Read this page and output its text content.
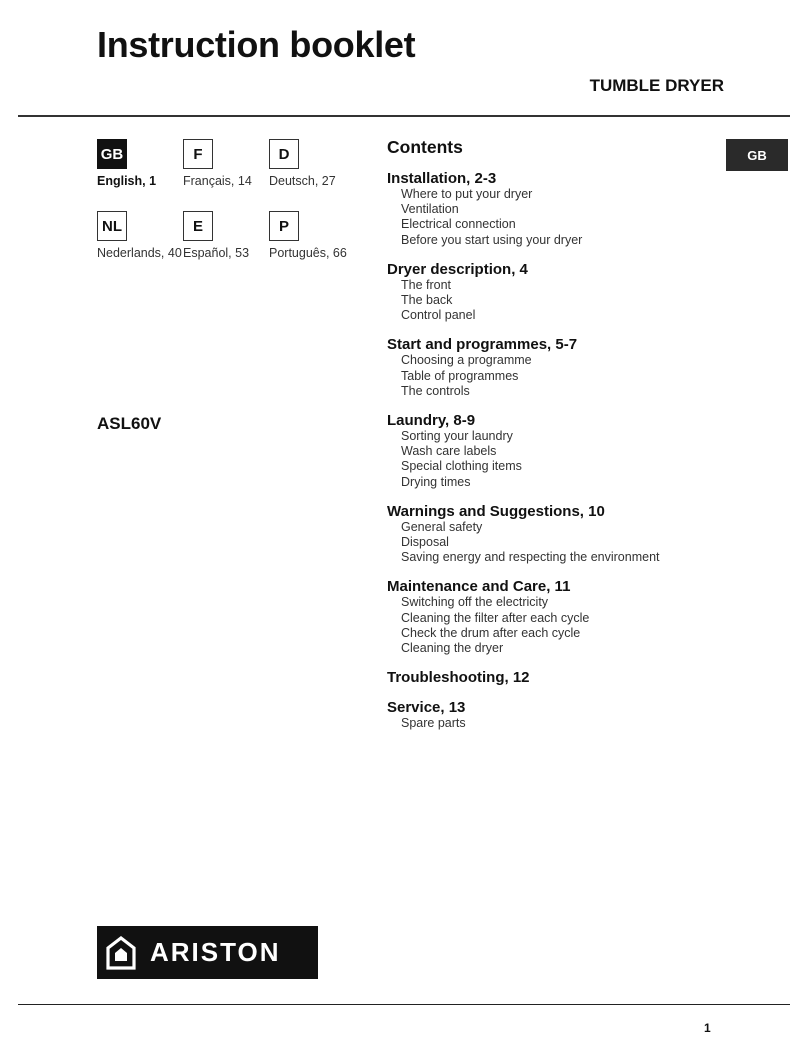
Instruction booklet
TUMBLE DRYER
GB
English, 1
F
Français, 14
D
Deutsch, 27
NL
Nederlands, 40
E
Español, 53
P
Português, 66
ASL60V
Contents
Installation, 2-3
Where to put your dryer
Ventilation
Electrical connection
Before you start using your dryer
Dryer description, 4
The front
The back
Control panel
Start and programmes, 5-7
Choosing a programme
Table of programmes
The controls
Laundry, 8-9
Sorting your laundry
Wash care labels
Special clothing items
Drying times
Warnings and Suggestions, 10
General safety
Disposal
Saving energy and respecting the environment
Maintenance and Care, 11
Switching off the electricity
Cleaning the filter after each cycle
Check the drum after each cycle
Cleaning the dryer
Troubleshooting, 12
Service, 13
Spare parts
GB
ARISTON
1
